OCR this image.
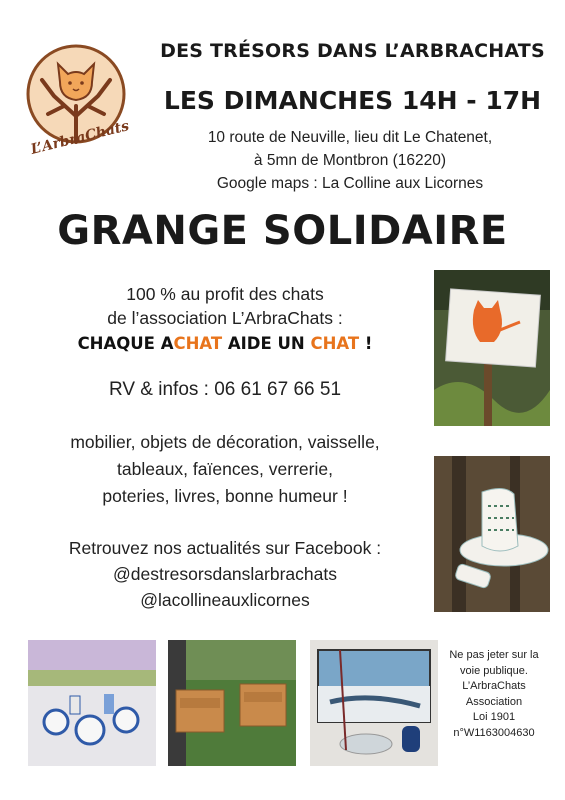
L’ArbraChats
DES TRÉSORS DANS L’ARBRACHATS
LES DIMANCHES 14H - 17H
10 route de Neuville, lieu dit Le Chatenet,
à 5mn de Montbron (16220)
Google maps : La Colline aux Licornes
GRANGE SOLIDAIRE
100 % au profit des chats
de l’association L’ArbraChats :
CHAQUE ACHAT AIDE UN CHAT !
RV & infos : 06 61 67 66 51
mobilier, objets de décoration, vaisselle,
tableaux, faïences, verrerie,
poteries, livres, bonne humeur !
Retrouvez nos actualités sur Facebook :
@destresorsdanslarbrachats
@lacollineauxlicornes
Ne pas jeter sur la
voie publique.
L’ArbraChats
Association
Loi 1901
n°W1163004630
